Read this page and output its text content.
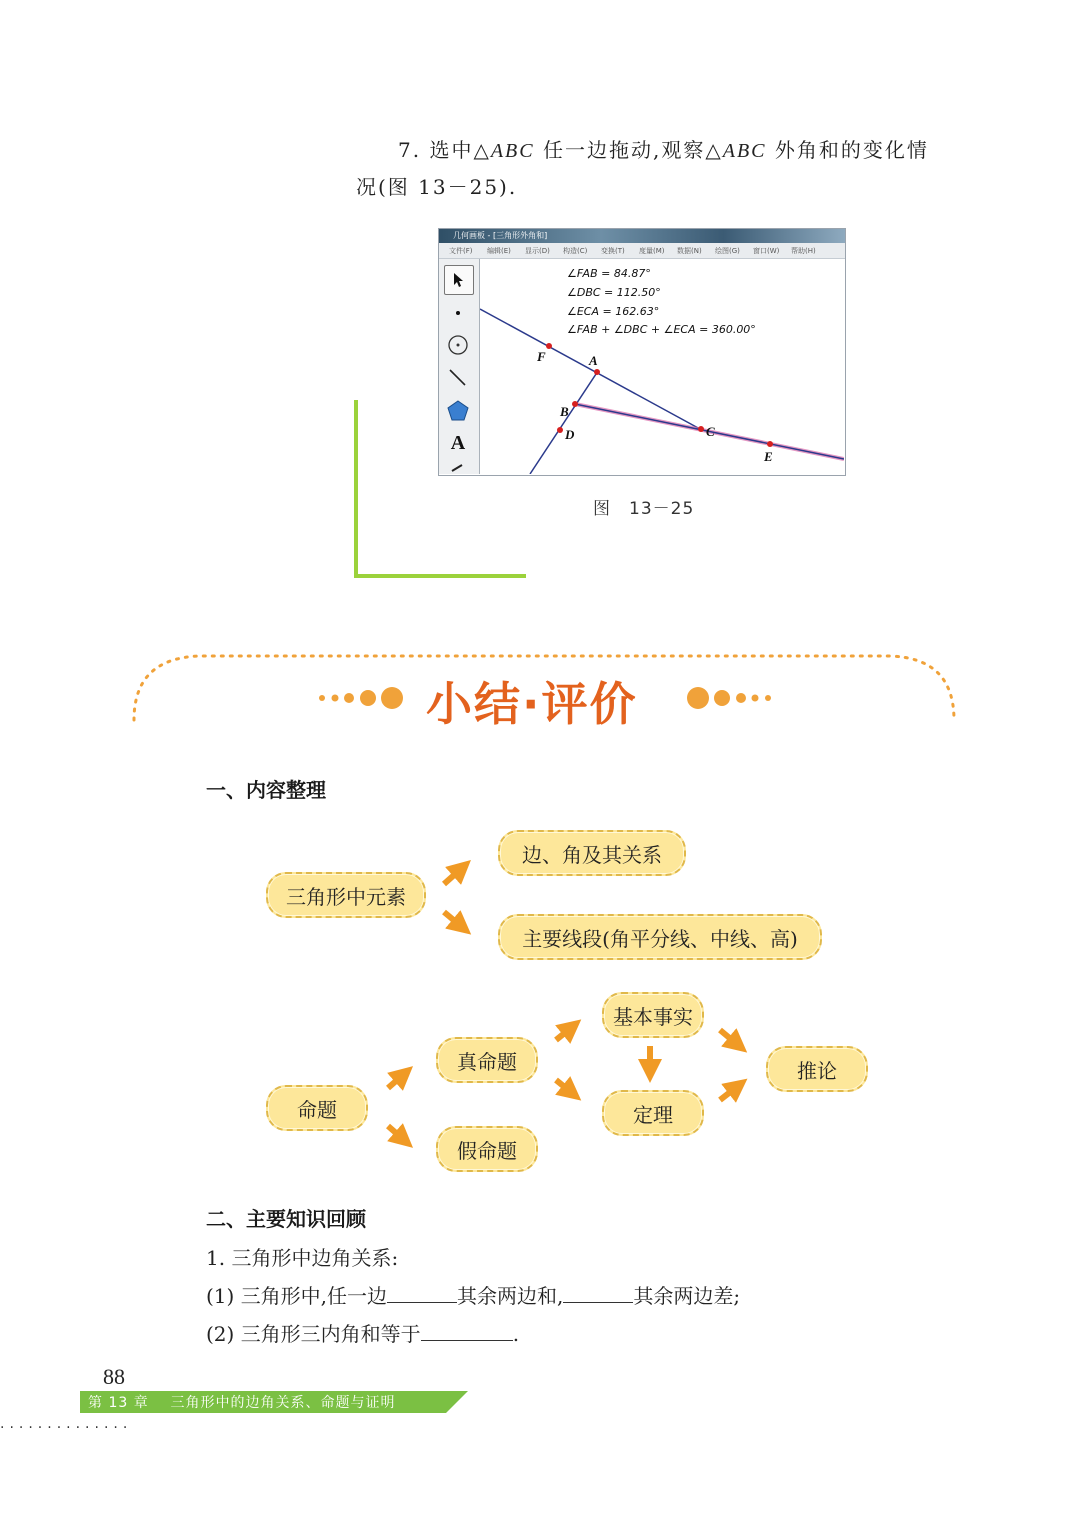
7. 选中△ABC 任一边拖动,观察△ABC 外角和的变化情况(图 13－25).
几何画板 - [三角形外角和]
文件(F) 编辑(E) 显示(D) 构造(C) 变换(T) 度量(M) 数据(N) 绘图(G) 窗口(W) 帮助(H)
A
∠FAB = 84.87°
∠DBC = 112.50°
∠ECA = 162.63°
∠FAB + ∠DBC + ∠ECA = 360.00°
F	A
B
D	C
E
图　13－25
小结·评价
一、内容整理
三角形中元素
边、角及其关系
主要线段(角平分线、中线、高)
命题
真命题
假命题
基本事实
定理
推论
二、主要知识回顾
1. 三角形中边角关系:
(1) 三角形中,任一边	其余两边和,	其余两边差;
(2) 三角形三内角和等于	.
88
第 13 章    三角形中的边角关系、命题与证明
..............
